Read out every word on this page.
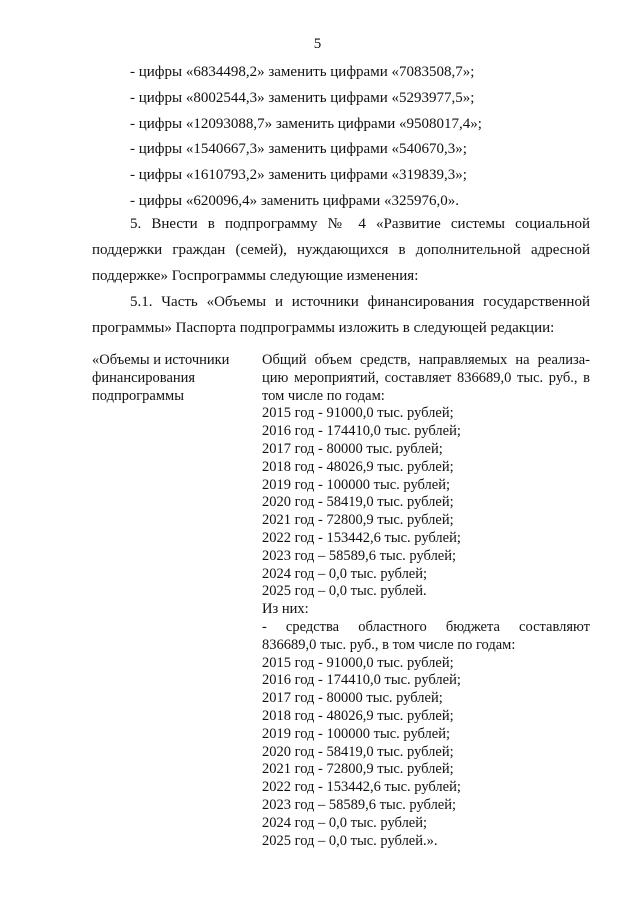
5
- цифры «6834498,2» заменить цифрами «7083508,7»;
- цифры «8002544,3» заменить цифрами «5293977,5»;
- цифры «12093088,7» заменить цифрами «9508017,4»;
- цифры «1540667,3» заменить цифрами «540670,3»;
- цифры «1610793,2» заменить цифрами «319839,3»;
- цифры «620096,4» заменить цифрами «325976,0».
5. Внести в подпрограмму № 4 «Развитие системы социальной поддержки граждан (семей), нуждающихся в дополнительной адресной поддержке» Госпрограммы следующие изменения:
5.1. Часть «Объемы и источники финансирования государственной программы» Паспорта подпрограммы изложить в следующей редакции:
«Объемы и источники финансирования подпрограммы
Общий объем средств, направляемых на реализа-
цию мероприятий, составляет 836689,0 тыс. руб., в
том числе по годам:
2015 год - 91000,0 тыс. рублей;
2016 год - 174410,0 тыс. рублей;
2017 год - 80000 тыс. рублей;
2018 год - 48026,9 тыс. рублей;
2019 год - 100000 тыс. рублей;
2020 год - 58419,0 тыс. рублей;
2021 год - 72800,9 тыс. рублей;
2022 год - 153442,6 тыс. рублей;
2023 год – 58589,6 тыс. рублей;
2024 год – 0,0 тыс. рублей;
2025 год – 0,0 тыс. рублей.
Из них:
- средства областного бюджета составляют
836689,0 тыс. руб., в том числе по годам:
2015 год - 91000,0 тыс. рублей;
2016 год - 174410,0 тыс. рублей;
2017 год - 80000 тыс. рублей;
2018 год - 48026,9 тыс. рублей;
2019 год - 100000 тыс. рублей;
2020 год - 58419,0 тыс. рублей;
2021 год - 72800,9 тыс. рублей;
2022 год - 153442,6 тыс. рублей;
2023 год – 58589,6 тыс. рублей;
2024 год – 0,0 тыс. рублей;
2025 год – 0,0 тыс. рублей.».
